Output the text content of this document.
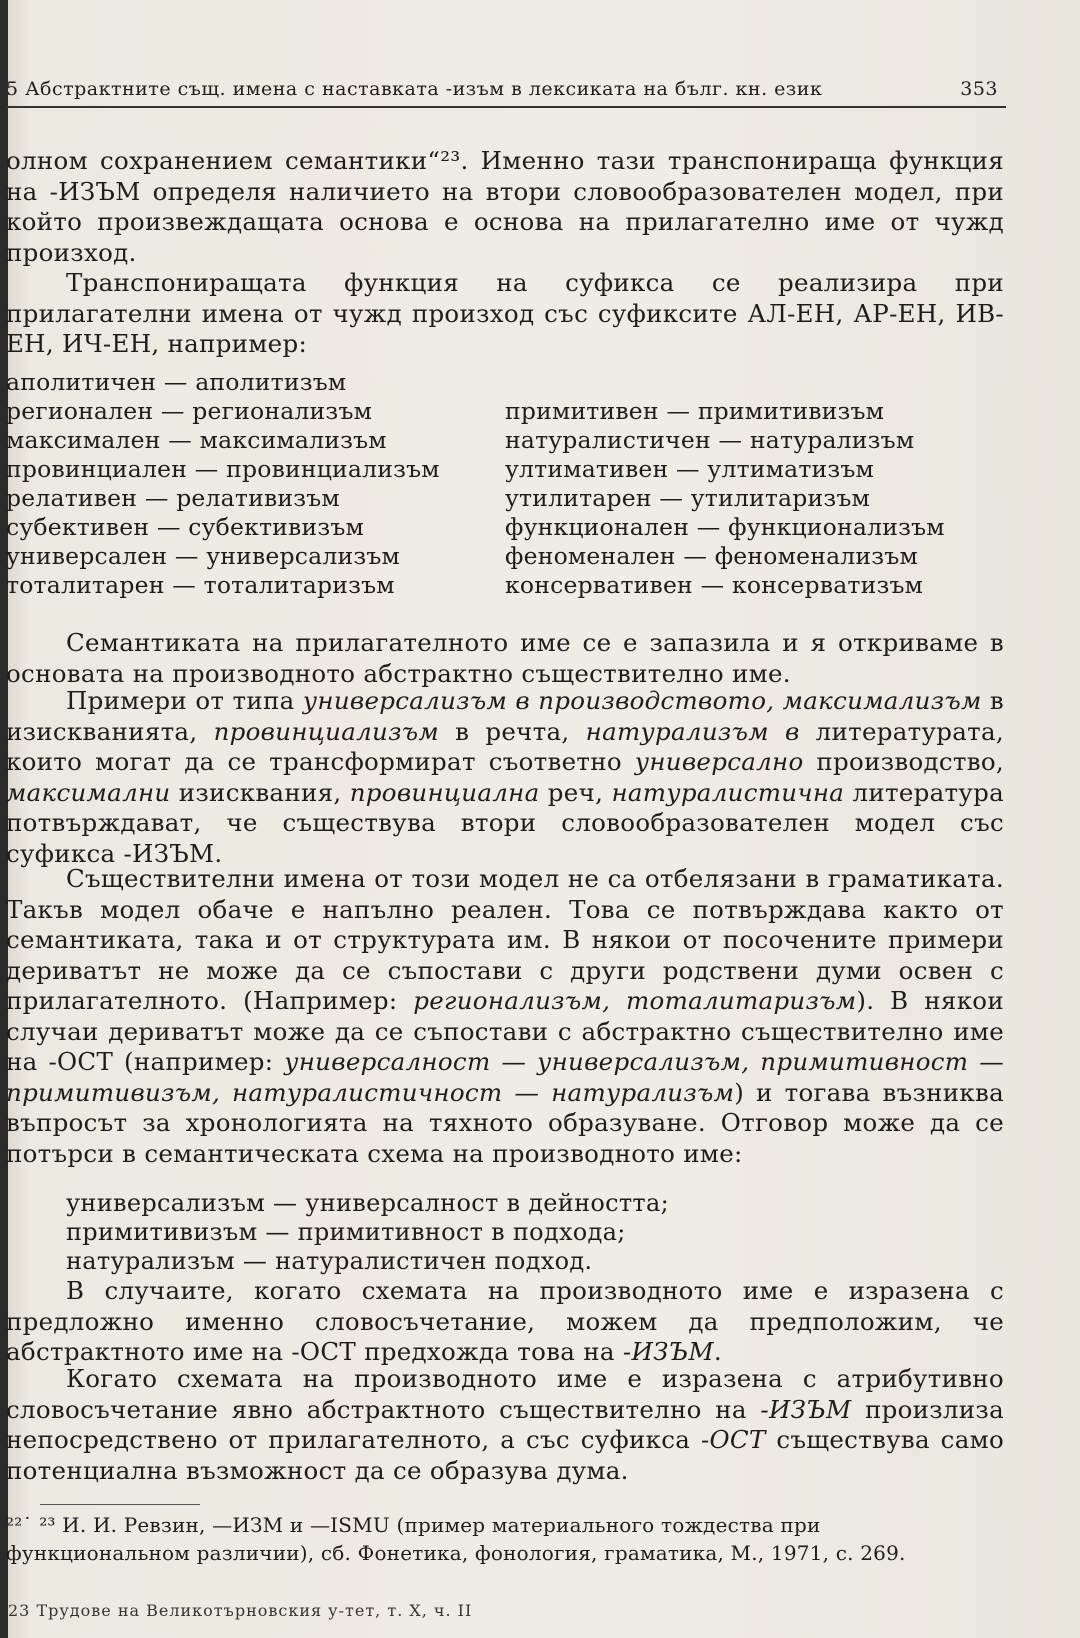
5 Абстрактните същ. имена с наставката -изъм в лексиката на бълг. кн. език	353

олном сохранением семантики“²³. Именно тази транспонираща функция на -ИЗЪМ определя наличието на втори словообразователен модел, при който произвеждащата основа е основа на прилагателно име от чужд произход.

Транспониращата функция на суфикса се реализира при прилагателни имена от чужд произход със суфиксите АЛ-ЕН, АР-ЕН, ИВ-ЕН, ИЧ-ЕН, например:

аполитичен — аполитизъм
регионален — регионализъм
максимален — максимализъм
провинциален — провинциализъм
релативен — релативизъм
субективен — субективизъм
универсален — универсализъм
тоталитарен — тоталитаризъм
примитивен — примитивизъм
натуралистичен — натурализъм
ултимативен — ултиматизъм
утилитарен — утилитаризъм
функционален — функционализъм
феноменален — феноменализъм
консервативен — консерватизъм

Семантиката на прилагателното име се е запазила и я откриваме в основата на производното абстрактно съществително име.

Примери от типа универсализъм в производството, максимализъм в изискванията, провинциализъм в речта, натурализъм в литературата, които могат да се трансформират съответно универсално производство, максимални изисквания, провинциална реч, натуралистична литература потвърждават, че съществува втори словообразователен модел със суфикса -ИЗЪМ.

Съществителни имена от този модел не са отбелязани в граматиката. Такъв модел обаче е напълно реален. Това се потвърждава както от семантиката, така и от структурата им. В някои от посочените примери дериватът не може да се съпостави с други родствени думи освен с прилагателното. (Например: регионализъм, тоталитаризъм). В някои случаи дериватът може да се съпостави с абстрактно съществително име на -ОСТ (например: универсалност — универсализъм, примитивност — примитивизъм, натуралистичност — натурализъм) и тогава възниква въпросът за хронологията на тяхното образуване. Отговор може да се потърси в семантическата схема на производното име:

универсализъм — универсалност в дейността;
примитивизъм — примитивност в подхода;
натурализъм — натуралистичен подход.

В случаите, когато схемата на производното име е изразена с предложно именно словосъчетание, можем да предположим, че абстрактното име на -ОСТ предхожда това на -ИЗЪМ.

Когато схемата на производното име е изразена с атрибутивно словосъчетание явно абстрактното съществително на -ИЗЪМ произлиза непосредствено от прилагателното, а със суфикса -ОСТ съществува само потенциална възможност да се образува дума.

²²˙ ²³ И. И. Ревзин, —ИЗМ и —ISMU (пример материального тождества при функциональном различии), сб. Фонетика, фонология, граматика, М., 1971, с. 269.
23 Трудове на Великотърновския у-тет, т. X, ч. II
